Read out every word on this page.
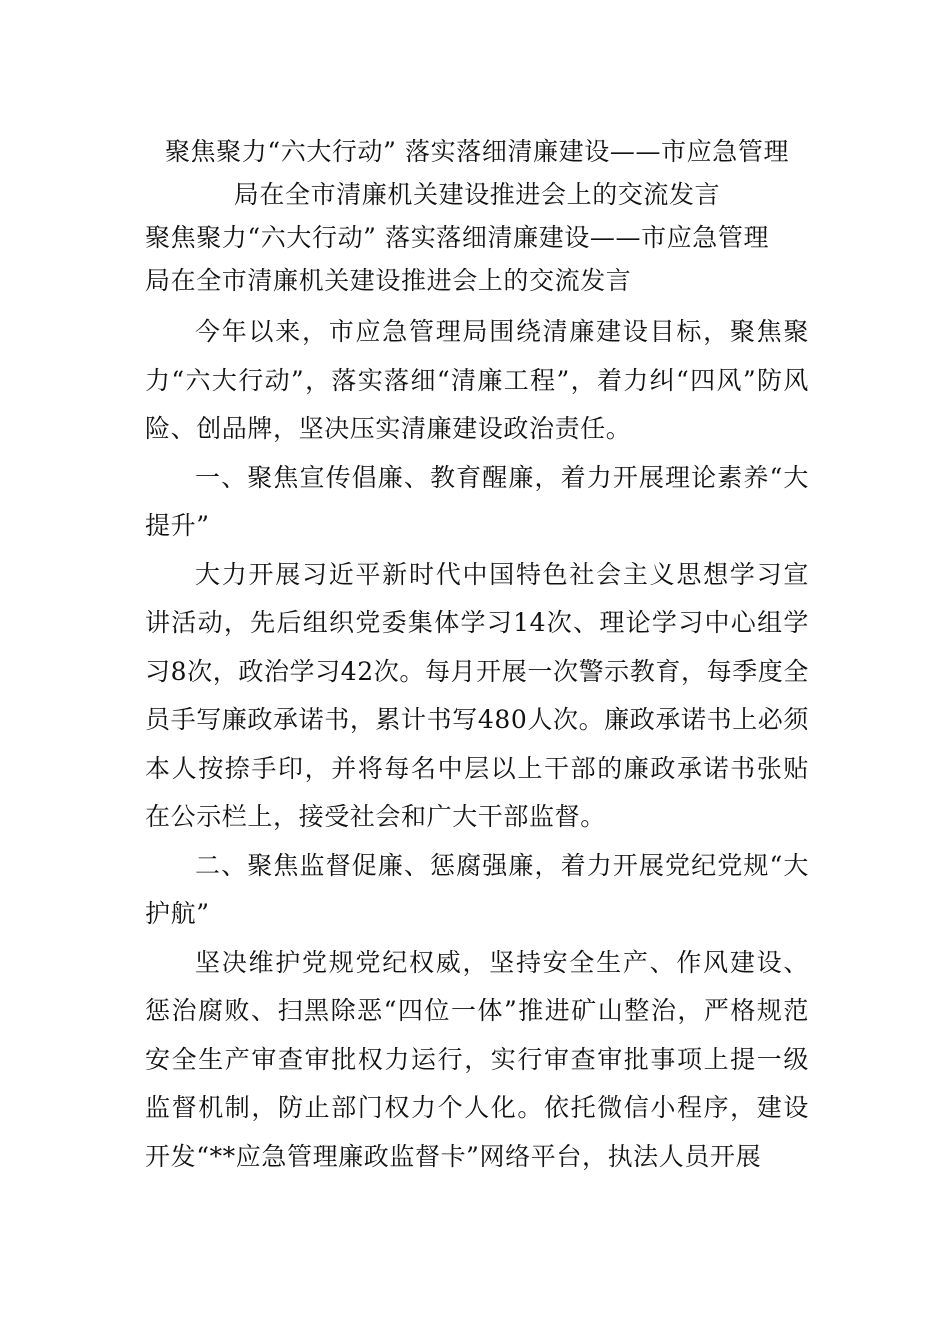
聚焦聚力“六大行动” 落实落细清廉建设——市应急管理
局在全市清廉机关建设推进会上的交流发言
聚焦聚力“六大行动” 落实落细清廉建设——市应急管理
局在全市清廉机关建设推进会上的交流发言

今年以来，市应急管理局围绕清廉建设目标，聚焦聚力“六大行动”，落实落细“清廉工程”，着力纠“四风”防风险、创品牌，坚决压实清廉建设政治责任。

一、聚焦宣传倡廉、教育醒廉，着力开展理论素养“大提升”

大力开展习近平新时代中国特色社会主义思想学习宣讲活动，先后组织党委集体学习14次、理论学习中心组学习8次，政治学习42次。每月开展一次警示教育，每季度全员手写廉政承诺书，累计书写480人次。廉政承诺书上必须本人按捺手印，并将每名中层以上干部的廉政承诺书张贴在公示栏上，接受社会和广大干部监督。

二、聚焦监督促廉、惩腐强廉，着力开展党纪党规“大护航”

坚决维护党规党纪权威，坚持安全生产、作风建设、惩治腐败、扫黑除恶“四位一体”推进矿山整治，严格规范安全生产审查审批权力运行，实行审查审批事项上提一级监督机制，防止部门权力个人化。依托微信小程序，建设开发“**应急管理廉政监督卡”网络平台，执法人员开展
